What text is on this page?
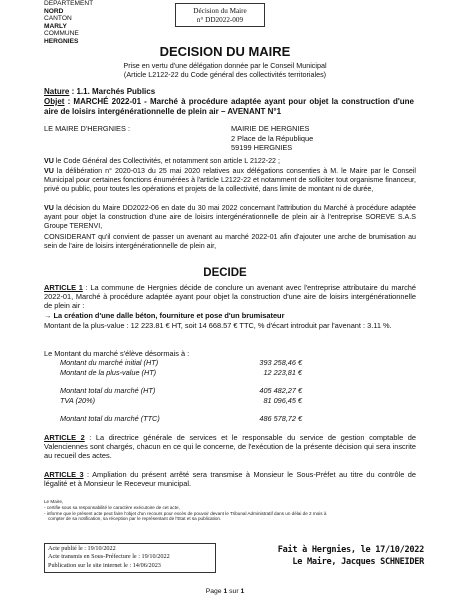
DEPARTEMENT
NORD
CANTON
MARLY
COMMUNE
HERGNIES
Décision du Maire
n° DD2022-009
DECISION DU MAIRE
Prise en vertu d'une délégation donnée par le Conseil Municipal
(Article L2122-22 du Code général des collectivités territoriales)
Nature : 1.1. Marchés Publics
Objet : MARCHÉ 2022-01 - Marché à procédure adaptée ayant pour objet la construction d'une aire de loisirs intergénérationnelle de plein air – AVENANT N°1
LE MAIRE D'HERGNIES :	MAIRIE DE HERGNIES
2 Place de la République
59199 HERGNIES
VU le Code Général des Collectivités, et notamment son article L 2122-22 ;
VU la délibération n° 2020-013 du 25 mai 2020 relatives aux délégations consenties à M. le Maire par le Conseil Municipal pour certaines fonctions énumérées à l'article L2122-22 et notamment de solliciter tout organisme financeur, privé ou public, pour toutes les opérations et projets de la collectivité, dans limite de montant ni de durée,
VU la décision du Maire DD2022-06 en date du 30 mai 2022 concernant l'attribution du Marché à procédure adaptée ayant pour objet la construction d'une aire de loisirs intergénérationnelle de plein air à l'entreprise SOREVE S.A.S Groupe TERENVI,
CONSIDERANT qu'il convient de passer un avenant au marché 2022-01 afin d'ajouter une arche de brumisation au sein de l'aire de loisirs intergénérationnelle de plein air,
DECIDE
ARTICLE 1 : La commune de Hergnies décide de conclure un avenant avec l'entreprise attributaire du marché 2022-01, Marché à procédure adaptée ayant pour objet la construction d'une aire de loisirs intergénérationnelle de plein air :
→ La création d'une dalle béton, fourniture et pose d'un brumisateur
Montant de la plus-value : 12 223.81 € HT, soit 14 668.57 € TTC, % d'écart introduit par l'avenant : 3.11 %.
Le Montant du marché s'élève désormais à :
Montant du marché initial (HT)	393 258,46 €
Montant de la plus-value (HT)	12 223,81 €
Montant total du marché (HT)	405 482,27 €
TVA (20%)	81 096,45 €
Montant total du marché (TTC)	486 578,72 €
ARTICLE 2 : La directrice générale de services et le responsable du service de gestion comptable de Valenciennes sont chargés, chacun en ce qui le concerne, de l'exécution de la présente décision qui sera inscrite au recueil des actes.
ARTICLE 3 : Ampliation du présent arrêté sera transmise à Monsieur le Sous-Préfet au titre du contrôle de légalité et à Monsieur le Receveur municipal.
Le Maire,
- certifie sous sa responsabilité le caractère exécutoire de cet acte,
- informe que le présent acte peut faire l'objet d'un recours pour excès de pouvoir devant le Tribunal Administratif dans un délai de 2 mois à
compter de sa notification, sa réception par le représentant de l'Etat et sa publication.
Acte publié le : 19/10/2022
Acte transmis en Sous-Préfecture le : 19/10/2022
Publication sur le site internet le : 14/06/2023
Fait à Hergnies, le 17/10/2022
Le Maire, Jacques SCHNEIDER
Page 1 sur 1
